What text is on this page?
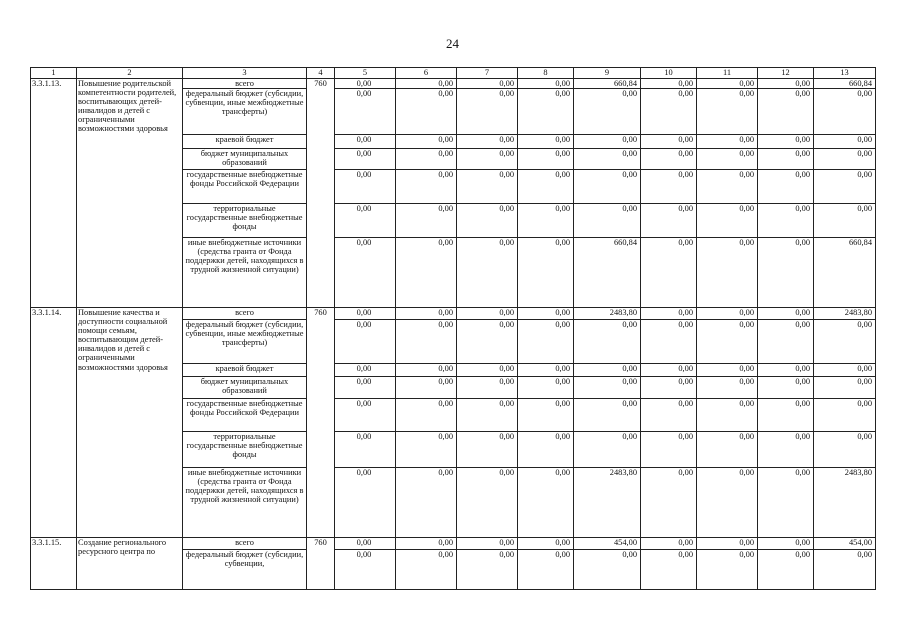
24
1	2	3	4	5	6	7	8	9	10	11	12	13
3.3.1.13.	Повышение родительской компетентности родителей, воспитывающих детей-инвалидов и детей с ограниченными возможностями здоровья	всего	760	0,00	0,00	0,00	0,00	660,84	0,00	0,00	0,00	660,84
		федеральный бюджет (субсидии, субвенции, иные межбюджетные трансферты)		0,00	0,00	0,00	0,00	0,00	0,00	0,00	0,00	0,00
		краевой бюджет		0,00	0,00	0,00	0,00	0,00	0,00	0,00	0,00	0,00
		бюджет муниципальных образований		0,00	0,00	0,00	0,00	0,00	0,00	0,00	0,00	0,00
		государственные внебюджетные фонды Российской Федерации		0,00	0,00	0,00	0,00	0,00	0,00	0,00	0,00	0,00
		территориальные государственные внебюджетные фонды		0,00	0,00	0,00	0,00	0,00	0,00	0,00	0,00	0,00
		иные внебюджетные источники (средства гранта от Фонда поддержки детей, находящихся в трудной жизненной ситуации)		0,00	0,00	0,00	0,00	660,84	0,00	0,00	0,00	660,84
3.3.1.14.	Повышение качества и доступности социальной помощи семьям, воспитывающим детей-инвалидов и детей с ограниченными возможностями здоровья	всего	760	0,00	0,00	0,00	0,00	2483,80	0,00	0,00	0,00	2483,80
		федеральный бюджет (субсидии, субвенции, иные межбюджетные трансферты)		0,00	0,00	0,00	0,00	0,00	0,00	0,00	0,00	0,00
		краевой бюджет		0,00	0,00	0,00	0,00	0,00	0,00	0,00	0,00	0,00
		бюджет муниципальных образований		0,00	0,00	0,00	0,00	0,00	0,00	0,00	0,00	0,00
		государственные внебюджетные фонды Российской Федерации		0,00	0,00	0,00	0,00	0,00	0,00	0,00	0,00	0,00
		территориальные государственные внебюджетные фонды		0,00	0,00	0,00	0,00	0,00	0,00	0,00	0,00	0,00
		иные внебюджетные источники (средства гранта от Фонда поддержки детей, находящихся в трудной жизненной ситуации)		0,00	0,00	0,00	0,00	2483,80	0,00	0,00	0,00	2483,80
3.3.1.15.	Создание регионального ресурсного центра по	всего	760	0,00	0,00	0,00	0,00	454,00	0,00	0,00	0,00	454,00
		федеральный бюджет (субсидии, субвенции,		0,00	0,00	0,00	0,00	0,00	0,00	0,00	0,00	0,00
